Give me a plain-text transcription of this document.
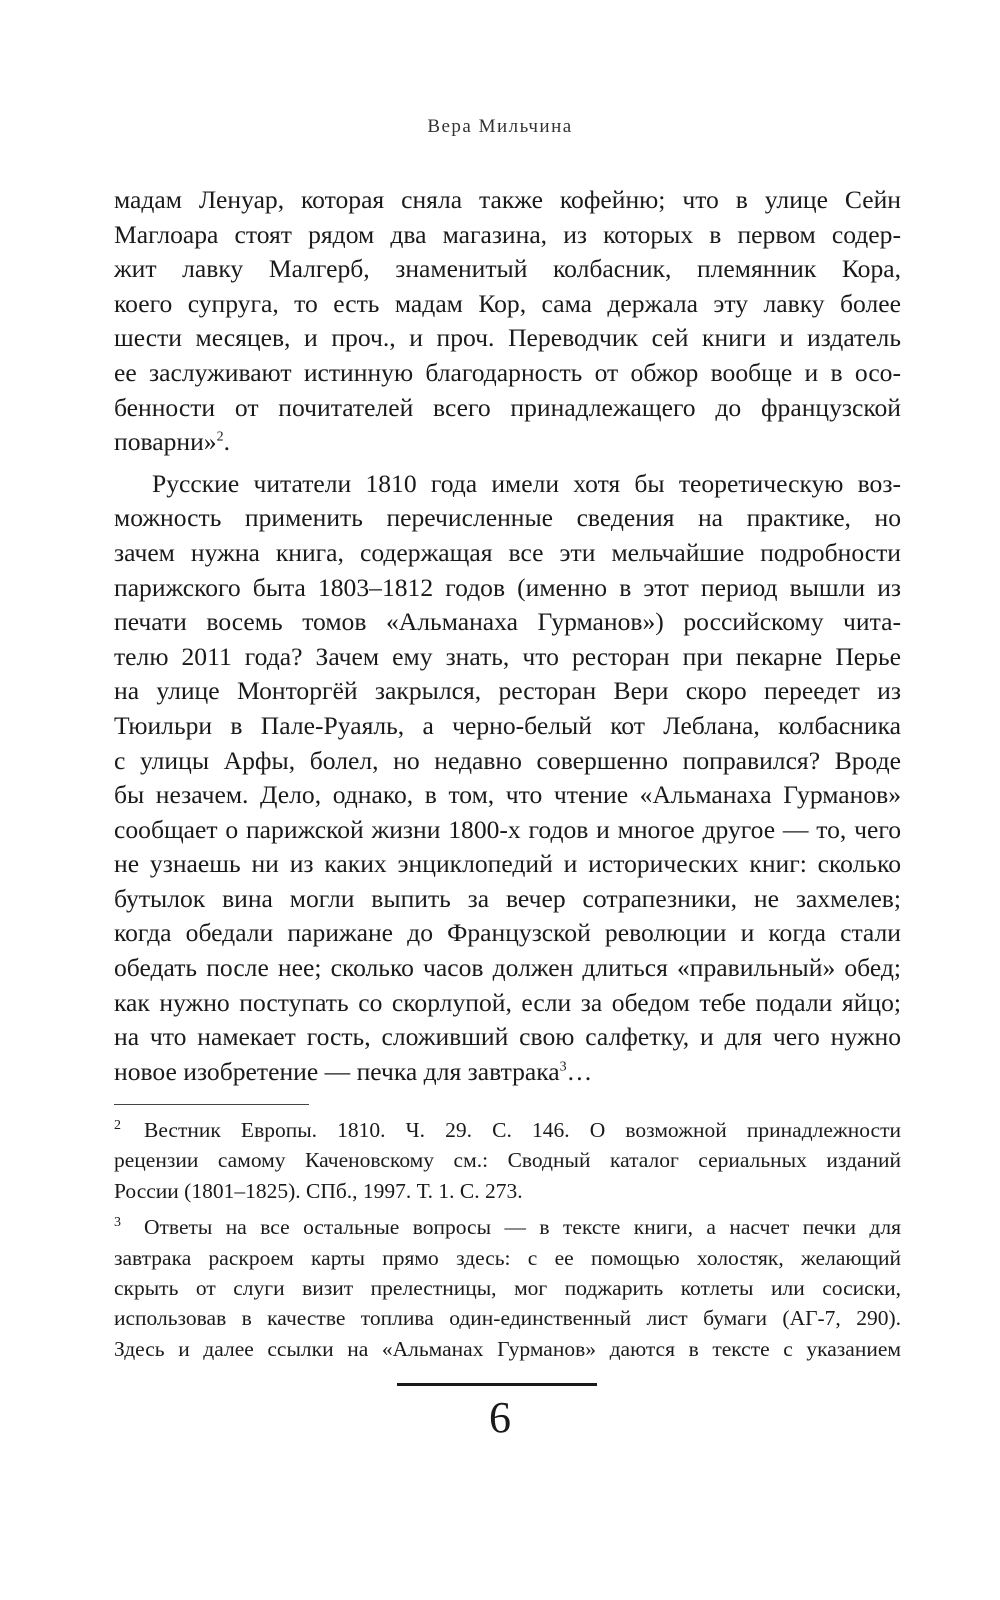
Вера Мильчина

мадам Ленуар, которая сняла также кофейню; что в улице Сейн
Маглоара стоят рядом два магазина, из которых в первом содер-
жит лавку Малгерб, знаменитый колбасник, племянник Кора,
коего супруга, то есть мадам Кор, сама держала эту лавку более
шести месяцев, и проч., и проч. Переводчик сей книги и издатель
ее заслуживают истинную благодарность от обжор вообще и в осо-
бенности от почитателей всего принадлежащего до французской
поварни»$^2$.

Русские читатели 1810 года имели хотя бы теоретическую воз-
можность применить перечисленные сведения на практике, но
зачем нужна книга, содержащая все эти мельчайшие подробности
парижского быта 1803–1812 годов (именно в этот период вышли из
печати восемь томов «Альманаха Гурманов») российскому чита-
телю 2011 года? Зачем ему знать, что ресторан при пекарне Перье
на улице Монторгёй закрылся, ресторан Вери скоро переедет из
Тюильри в Пале-Руаяль, а черно-белый кот Леблана, колбасника
с улицы Арфы, болел, но недавно совершенно поправился? Вроде
бы незачем. Дело, однако, в том, что чтение «Альманаха Гурманов»
сообщает о парижской жизни 1800-х годов и многое другое — то, чего
не узнаешь ни из каких энциклопедий и исторических книг: сколько
бутылок вина могли выпить за вечер сотрапезники, не захмелев;
когда обедали парижане до Французской революции и когда стали
обедать после нее; сколько часов должен длиться «правильный» обед;
как нужно поступать со скорлупой, если за обедом тебе подали яйцо;
на что намекает гость, сложивший свою салфетку, и для чего нужно
новое изобретение — печка для завтрака$^3$…

2 Вестник Европы. 1810. Ч. 29. С. 146. О возможной принадлежности
рецензии самому Каченовскому см.: Сводный каталог сериальных изданий
России (1801–1825). СПб., 1997. Т. 1. С. 273.
3 Ответы на все остальные вопросы — в тексте книги, а насчет печки для
завтрака раскроем карты прямо здесь: с ее помощью холостяк, желающий
скрыть от слуги визит прелестницы, мог поджарить котлеты или сосиски,
использовав в качестве топлива один-единственный лист бумаги (АГ-7, 290).
Здесь и далее ссылки на «Альманах Гурманов» даются в тексте с указанием
6
